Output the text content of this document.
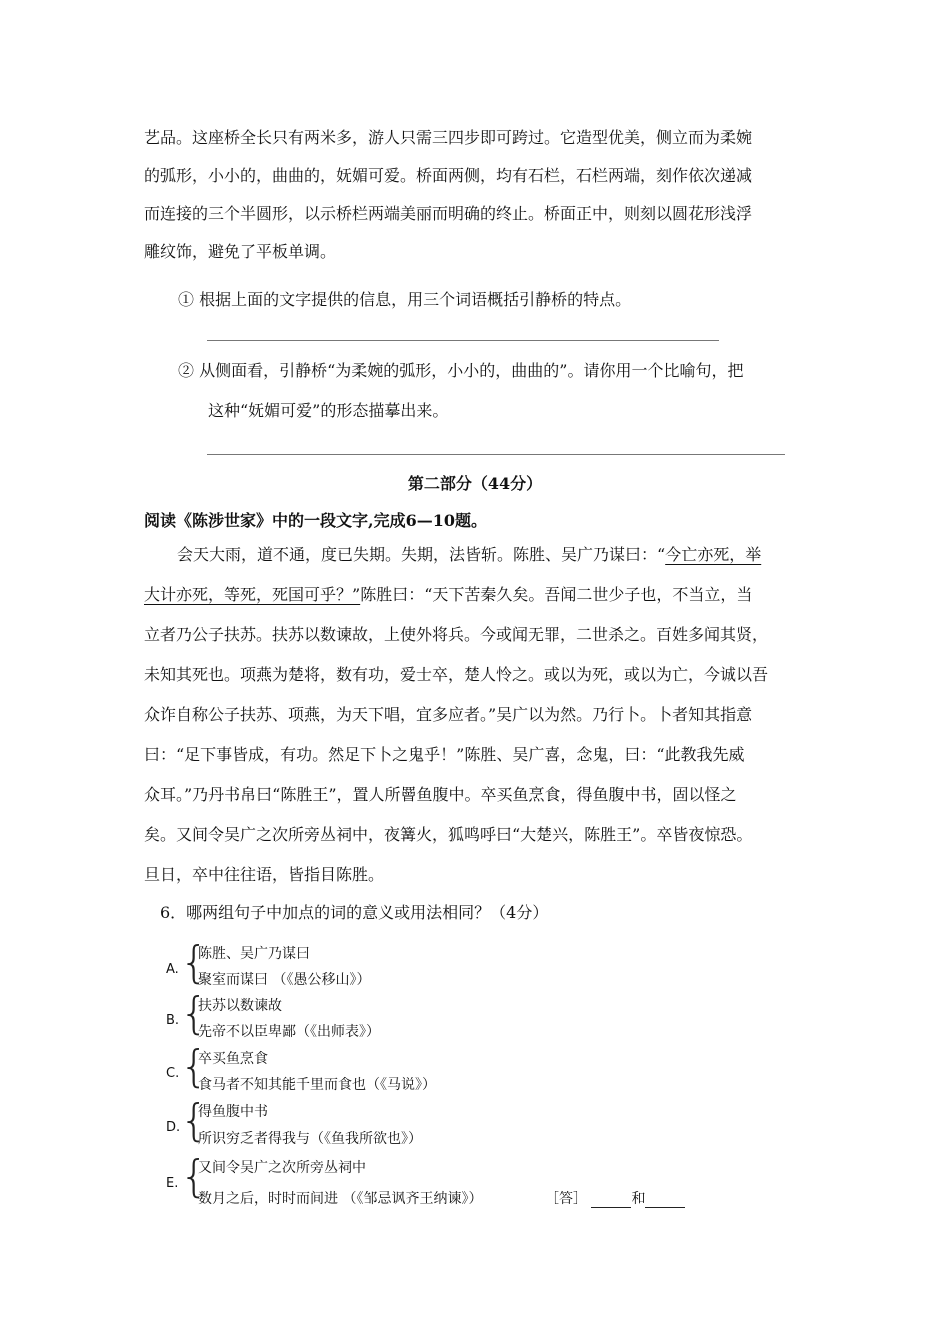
艺品。这座桥全长只有两米多，游人只需三四步即可跨过。它造型优美，侧立而为柔婉
的弧形，小小的，曲曲的，妩媚可爱。桥面两侧，均有石栏，石栏两端，刻作依次递减
而连接的三个半圆形，以示桥栏两端美丽而明确的终止。桥面正中，则刻以圆花形浅浮
雕纹饰，避免了平板单调。
① 根据上面的文字提供的信息，用三个词语概括引静桥的特点。
② 从侧面看，引静桥“为柔婉的弧形，小小的，曲曲的”。请你用一个比喻句，把
这种“妩媚可爱”的形态描摹出来。
第二部分（44分）
阅读《陈涉世家》中的一段文字,完成6—10题。
会天大雨，道不通，度已失期。失期，法皆斩。陈胜、吴广乃谋曰：“今亡亦死，举
大计亦死，等死，死国可乎？”陈胜曰：“天下苦秦久矣。吾闻二世少子也，不当立，当
立者乃公子扶苏。扶苏以数谏故，上使外将兵。今或闻无罪，二世杀之。百姓多闻其贤，
未知其死也。项燕为楚将，数有功，爱士卒，楚人怜之。或以为死，或以为亡，今诚以吾
众诈自称公子扶苏、项燕，为天下唱，宜多应者。”吴广以为然。乃行卜。卜者知其指意
曰：“足下事皆成，有功。然足下卜之鬼乎！”陈胜、吴广喜，念鬼，曰：“此教我先威
众耳。”乃丹书帛曰“陈胜王”，置人所罾鱼腹中。卒买鱼烹食，得鱼腹中书，固以怪之
矣。又间令吴广之次所旁丛祠中，夜篝火，狐鸣呼曰“大楚兴，陈胜王”。卒皆夜惊恐。
旦日，卒中往往语，皆指目陈胜。
6．哪两组句子中加点的词的意义或用法相同？（4分）
A. {
陈胜、吴广乃谋曰
聚室而谋曰 （《愚公移山》）
B. {
扶苏以数谏故
先帝不以臣卑鄙（《出师表》）
C. {
卒买鱼烹食
食马者不知其能千里而食也（《马说》）
D. {
得鱼腹中书
所识穷乏者得我与（《鱼我所欲也》）
E. {
又间令吴广之次所旁丛祠中
数月之后，时时而间进 （《邹忌讽齐王纳谏》）	［答］	和
